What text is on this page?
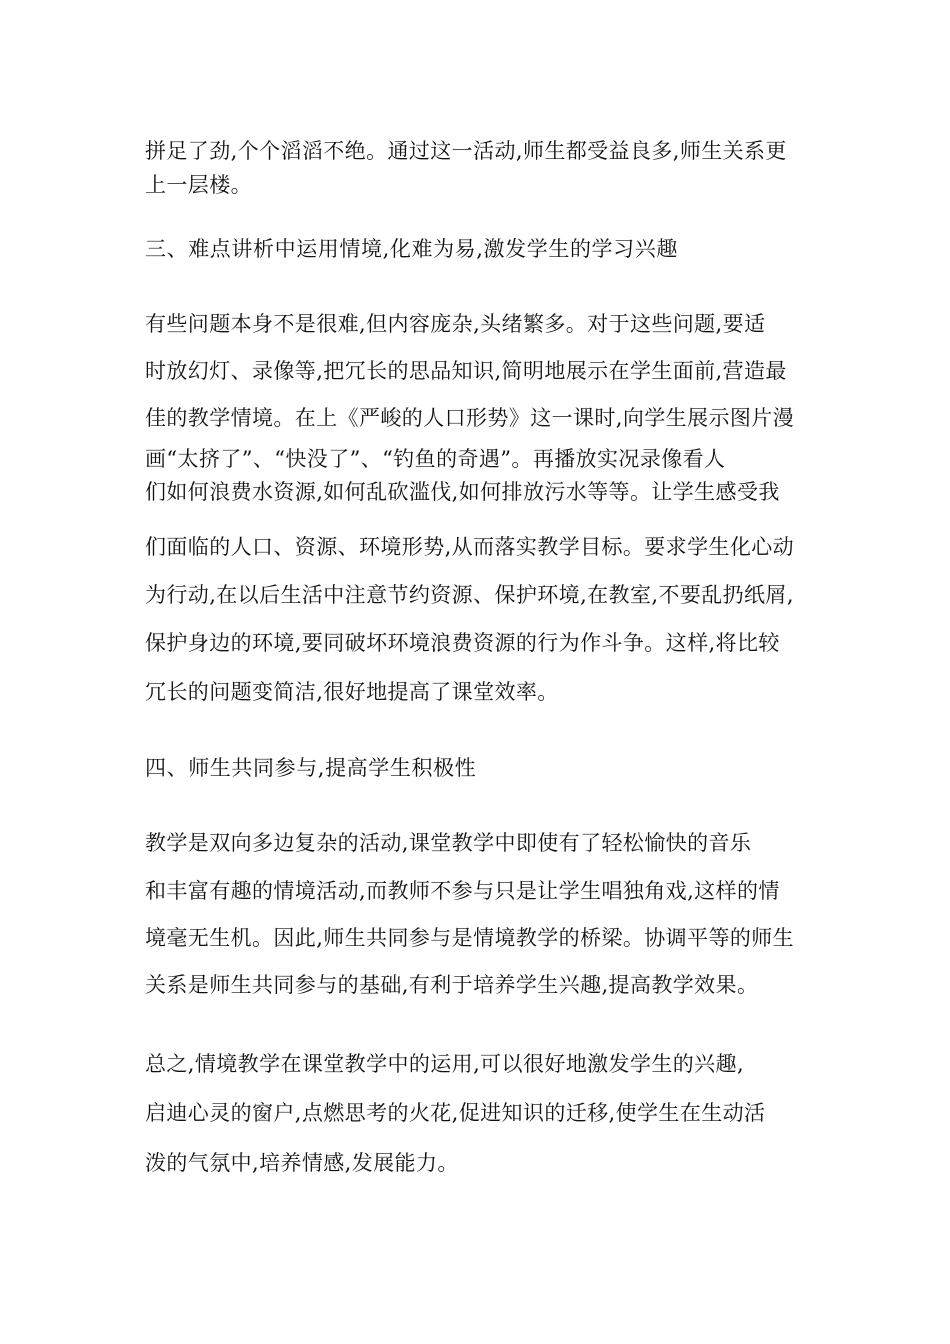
拼足了劲,个个滔滔不绝。通过这一活动,师生都受益良多,师生关系更
上一层楼。
三、难点讲析中运用情境,化难为易,激发学生的学习兴趣
有些问题本身不是很难,但内容庞杂,头绪繁多。对于这些问题,要适
时放幻灯、录像等,把冗长的思品知识,简明地展示在学生面前,营造最
佳的教学情境。在上《严峻的人口形势》这一课时,向学生展示图片漫
画“太挤了”、“快没了”、“钓鱼的奇遇”。再播放实况录像看人
们如何浪费水资源,如何乱砍滥伐,如何排放污水等等。让学生感受我
们面临的人口、资源、环境形势,从而落实教学目标。要求学生化心动
为行动,在以后生活中注意节约资源、保护环境,在教室,不要乱扔纸屑,
保护身边的环境,要同破坏环境浪费资源的行为作斗争。这样,将比较
冗长的问题变简洁,很好地提高了课堂效率。
四、师生共同参与,提高学生积极性
教学是双向多边复杂的活动,课堂教学中即使有了轻松愉快的音乐
和丰富有趣的情境活动,而教师不参与只是让学生唱独角戏,这样的情
境毫无生机。因此,师生共同参与是情境教学的桥梁。协调平等的师生
关系是师生共同参与的基础,有利于培养学生兴趣,提高教学效果。
总之,情境教学在课堂教学中的运用,可以很好地激发学生的兴趣,
启迪心灵的窗户,点燃思考的火花,促进知识的迁移,使学生在生动活
泼的气氛中,培养情感,发展能力。
